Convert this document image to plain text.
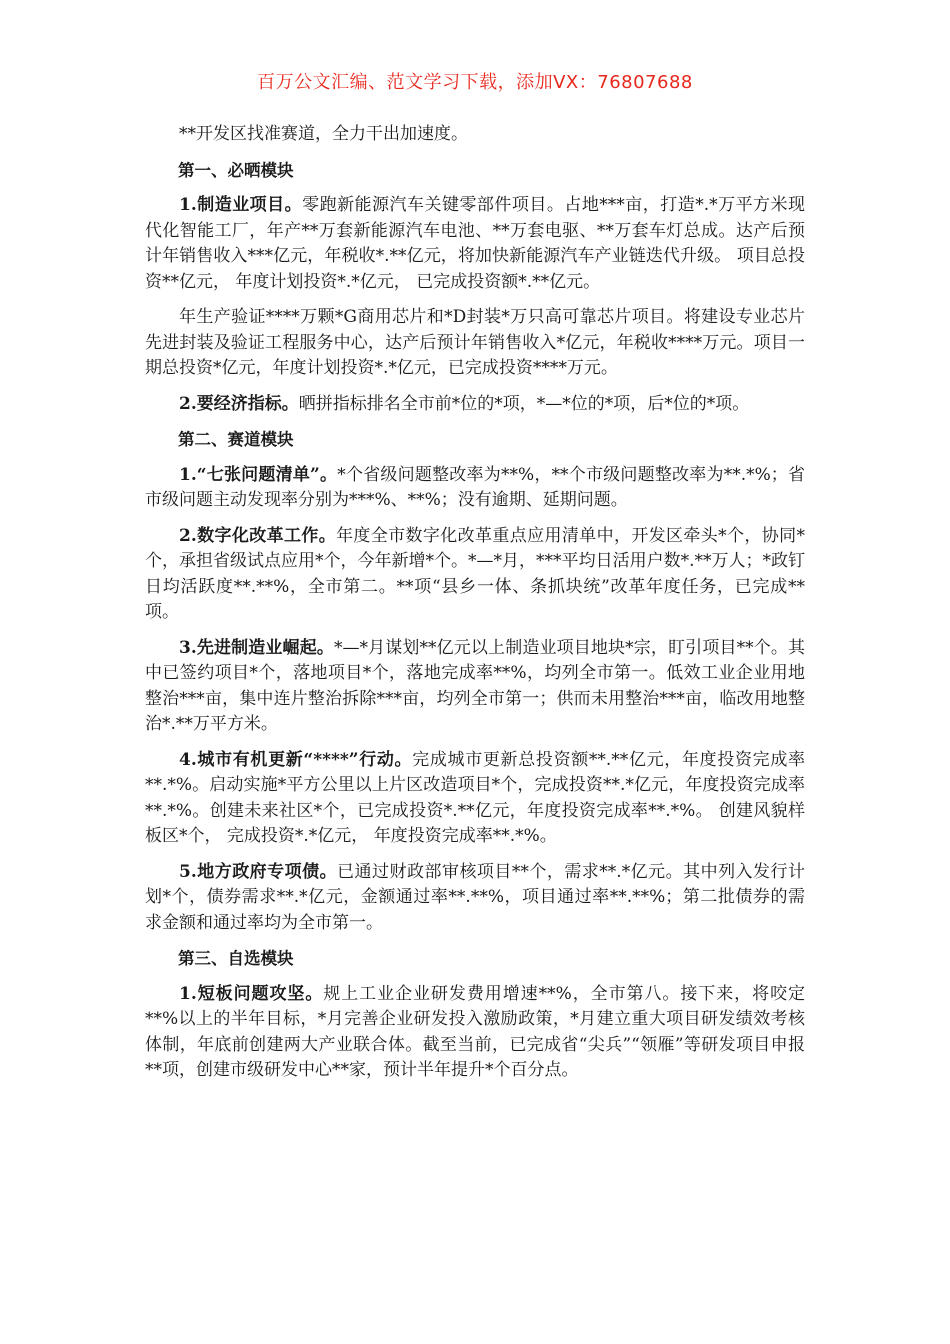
百万公文汇编、范文学习下载，添加VX：76807688

**开发区找准赛道，全力干出加速度。

第一、必晒模块

1.制造业项目。零跑新能源汽车关键零部件项目。占地***亩，打造*.*万平方米现代化智能工厂，年产**万套新能源汽车电池、**万套电驱、**万套车灯总成。达产后预计年销售收入***亿元，年税收*.**亿元，将加快新能源汽车产业链迭代升级。 项目总投资**亿元， 年度计划投资*.*亿元， 已完成投资额*.**亿元。

年生产验证****万颗*G商用芯片和*D封装*万只高可靠芯片项目。将建设专业芯片先进封装及验证工程服务中心，达产后预计年销售收入*亿元，年税收****万元。项目一期总投资*亿元，年度计划投资*.*亿元，已完成投资****万元。

2.要经济指标。晒拼指标排名全市前*位的*项，*—*位的*项，后*位的*项。

第二、赛道模块

1.“七张问题清单”。*个省级问题整改率为**%，**个市级问题整改率为**.*%；省市级问题主动发现率分别为***%、**%；没有逾期、延期问题。

2.数字化改革工作。年度全市数字化改革重点应用清单中，开发区牵头*个，协同*个，承担省级试点应用*个，今年新增*个。*—*月，***平均日活用户数*.**万人；*政钉日均活跃度**.**%，全市第二。**项“县乡一体、条抓块统”改革年度任务，已完成**项。

3.先进制造业崛起。*—*月谋划**亿元以上制造业项目地块*宗，盯引项目**个。其中已签约项目*个，落地项目*个，落地完成率**%，均列全市第一。低效工业企业用地整治***亩，集中连片整治拆除***亩，均列全市第一；供而未用整治***亩，临改用地整治*.**万平方米。

4.城市有机更新“****”行动。完成城市更新总投资额**.**亿元，年度投资完成率**.*%。启动实施*平方公里以上片区改造项目*个，完成投资**.*亿元，年度投资完成率**.*%。创建未来社区*个，已完成投资*.**亿元，年度投资完成率**.*%。 创建风貌样板区*个， 完成投资*.*亿元， 年度投资完成率**.*%。

5.地方政府专项债。已通过财政部审核项目**个，需求**.*亿元。其中列入发行计划*个，债券需求**.*亿元，金额通过率**.**%，项目通过率**.**%；第二批债券的需求金额和通过率均为全市第一。

第三、自选模块

1.短板问题攻坚。规上工业企业研发费用增速**%，全市第八。接下来，将咬定**%以上的半年目标，*月完善企业研发投入激励政策，*月建立重大项目研发绩效考核体制，年底前创建两大产业联合体。截至当前，已完成省“尖兵”“领雁”等研发项目申报**项，创建市级研发中心**家，预计半年提升*个百分点。
